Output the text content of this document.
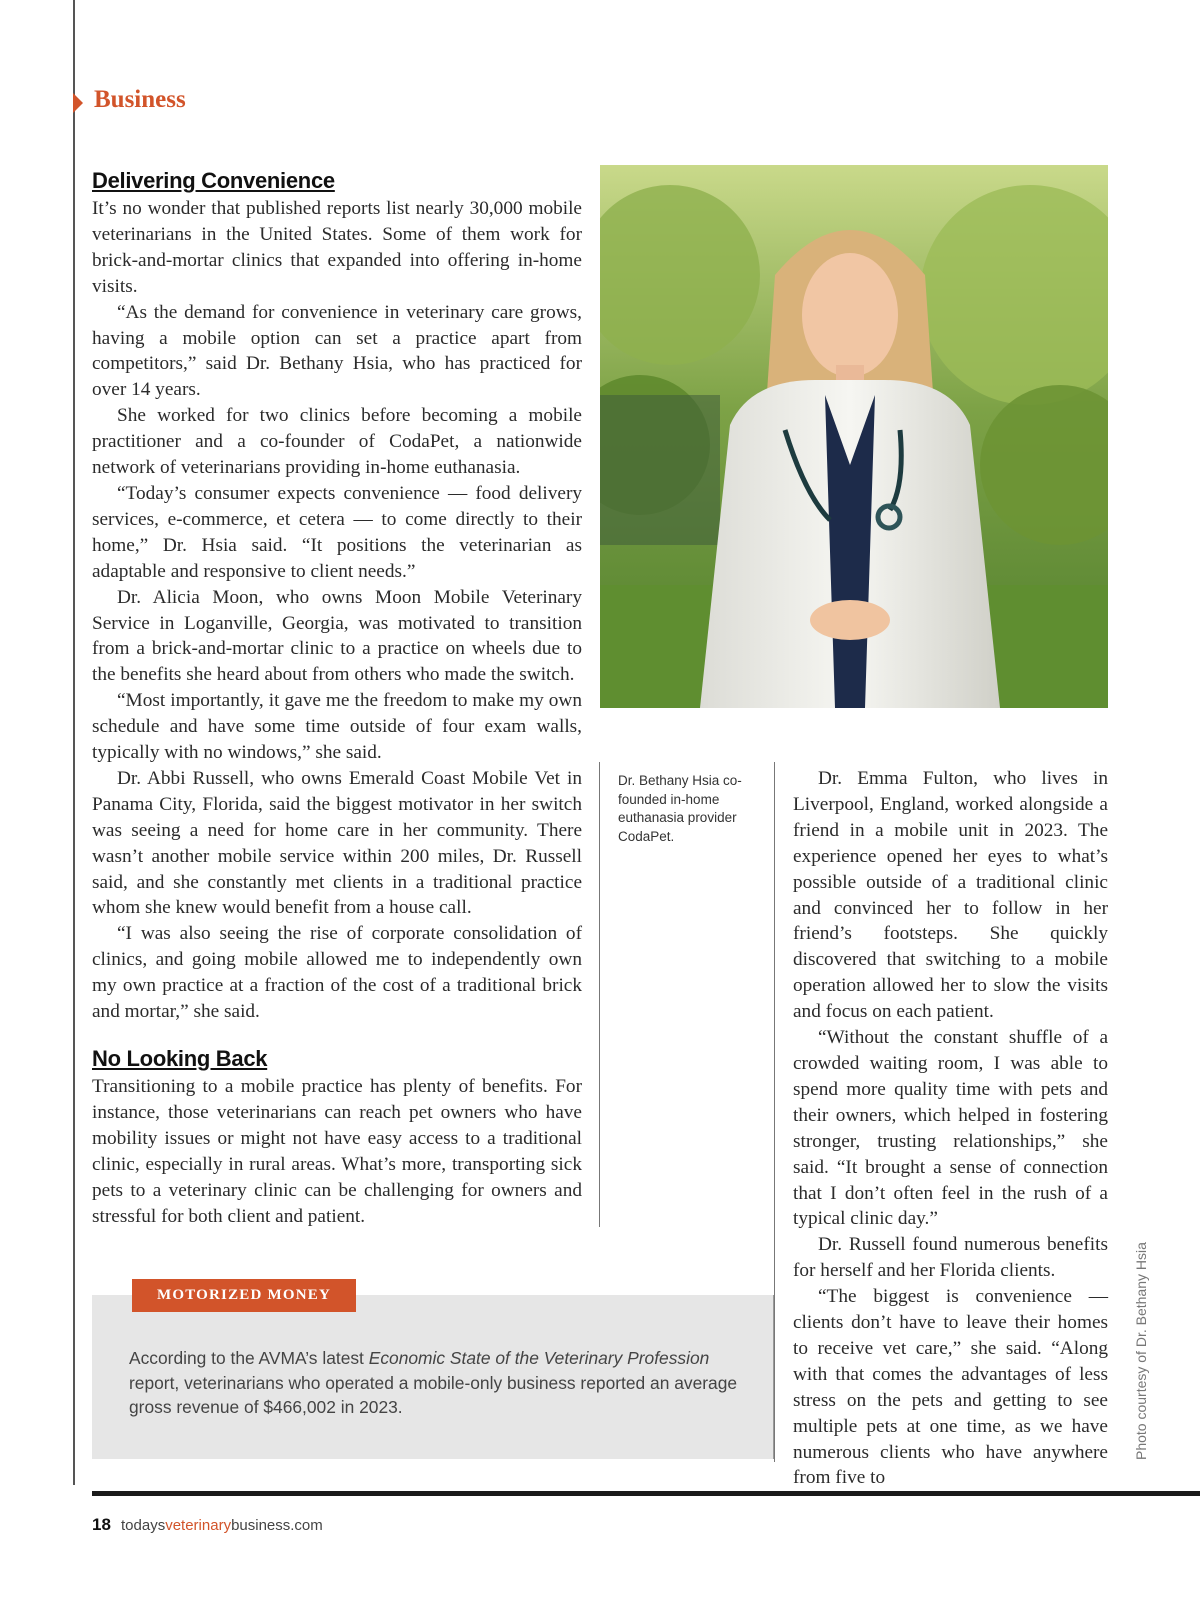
Business
Delivering Convenience

It’s no wonder that published reports list nearly 30,000 mobile veterinarians in the United States. Some of them work for brick-and-mortar clinics that expanded into offering in-home visits.

“As the demand for convenience in veterinary care grows, having a mobile option can set a practice apart from competitors,” said Dr. Bethany Hsia, who has practiced for over 14 years.

She worked for two clinics before becoming a mobile practitioner and a co-founder of CodaPet, a nationwide network of veterinarians providing in-home euthanasia.

“Today’s consumer expects convenience — food delivery services, e-commerce, et cetera — to come directly to their home,” Dr. Hsia said. “It positions the veterinarian as adaptable and responsive to client needs.”

Dr. Alicia Moon, who owns Moon Mobile Veterinary Service in Loganville, Georgia, was motivated to transition from a brick-and-mortar clinic to a practice on wheels due to the benefits she heard about from others who made the switch.

“Most importantly, it gave me the freedom to make my own schedule and have some time outside of four exam walls, typically with no windows,” she said.

Dr. Abbi Russell, who owns Emerald Coast Mobile Vet in Panama City, Florida, said the biggest motivator in her switch was seeing a need for home care in her community. There wasn’t another mobile service within 200 miles, Dr. Russell said, and she constantly met clients in a traditional practice whom she knew would benefit from a house call.

“I was also seeing the rise of corporate consolidation of clinics, and going mobile allowed me to independently own my own practice at a fraction of the cost of a traditional brick and mortar,” she said.

No Looking Back

Transitioning to a mobile practice has plenty of benefits. For instance, those veterinarians can reach pet owners who have mobility issues or might not have easy access to a traditional clinic, especially in rural areas. What’s more, transporting sick pets to a veterinary clinic can be challenging for owners and stressful for both client and patient.

Dr. Bethany Hsia co-founded in-home euthanasia provider CodaPet.

Dr. Emma Fulton, who lives in Liverpool, England, worked alongside a friend in a mobile unit in 2023. The experience opened her eyes to what’s possible outside of a traditional clinic and convinced her to follow in her friend’s footsteps. She quickly discovered that switching to a mobile operation allowed her to slow the visits and focus on each patient.

“Without the constant shuffle of a crowded waiting room, I was able to spend more quality time with pets and their owners, which helped in fostering stronger, trusting relationships,” she said. “It brought a sense of connection that I don’t often feel in the rush of a typical clinic day.”

Dr. Russell found numerous benefits for herself and her Florida clients.

“The biggest is convenience — clients don’t have to leave their homes to receive vet care,” she said. “Along with that comes the advantages of less stress on the pets and getting to see multiple pets at one time, as we have numerous clients who have anywhere from five to

MOTORIZED MONEY
According to the AVMA’s latest Economic State of the Veterinary Profession report, veterinarians who operated a mobile-only business reported an average gross revenue of $466,002 in 2023.	Photo courtesy of Dr. Bethany Hsia
18 todaysveterinarybusiness.com
